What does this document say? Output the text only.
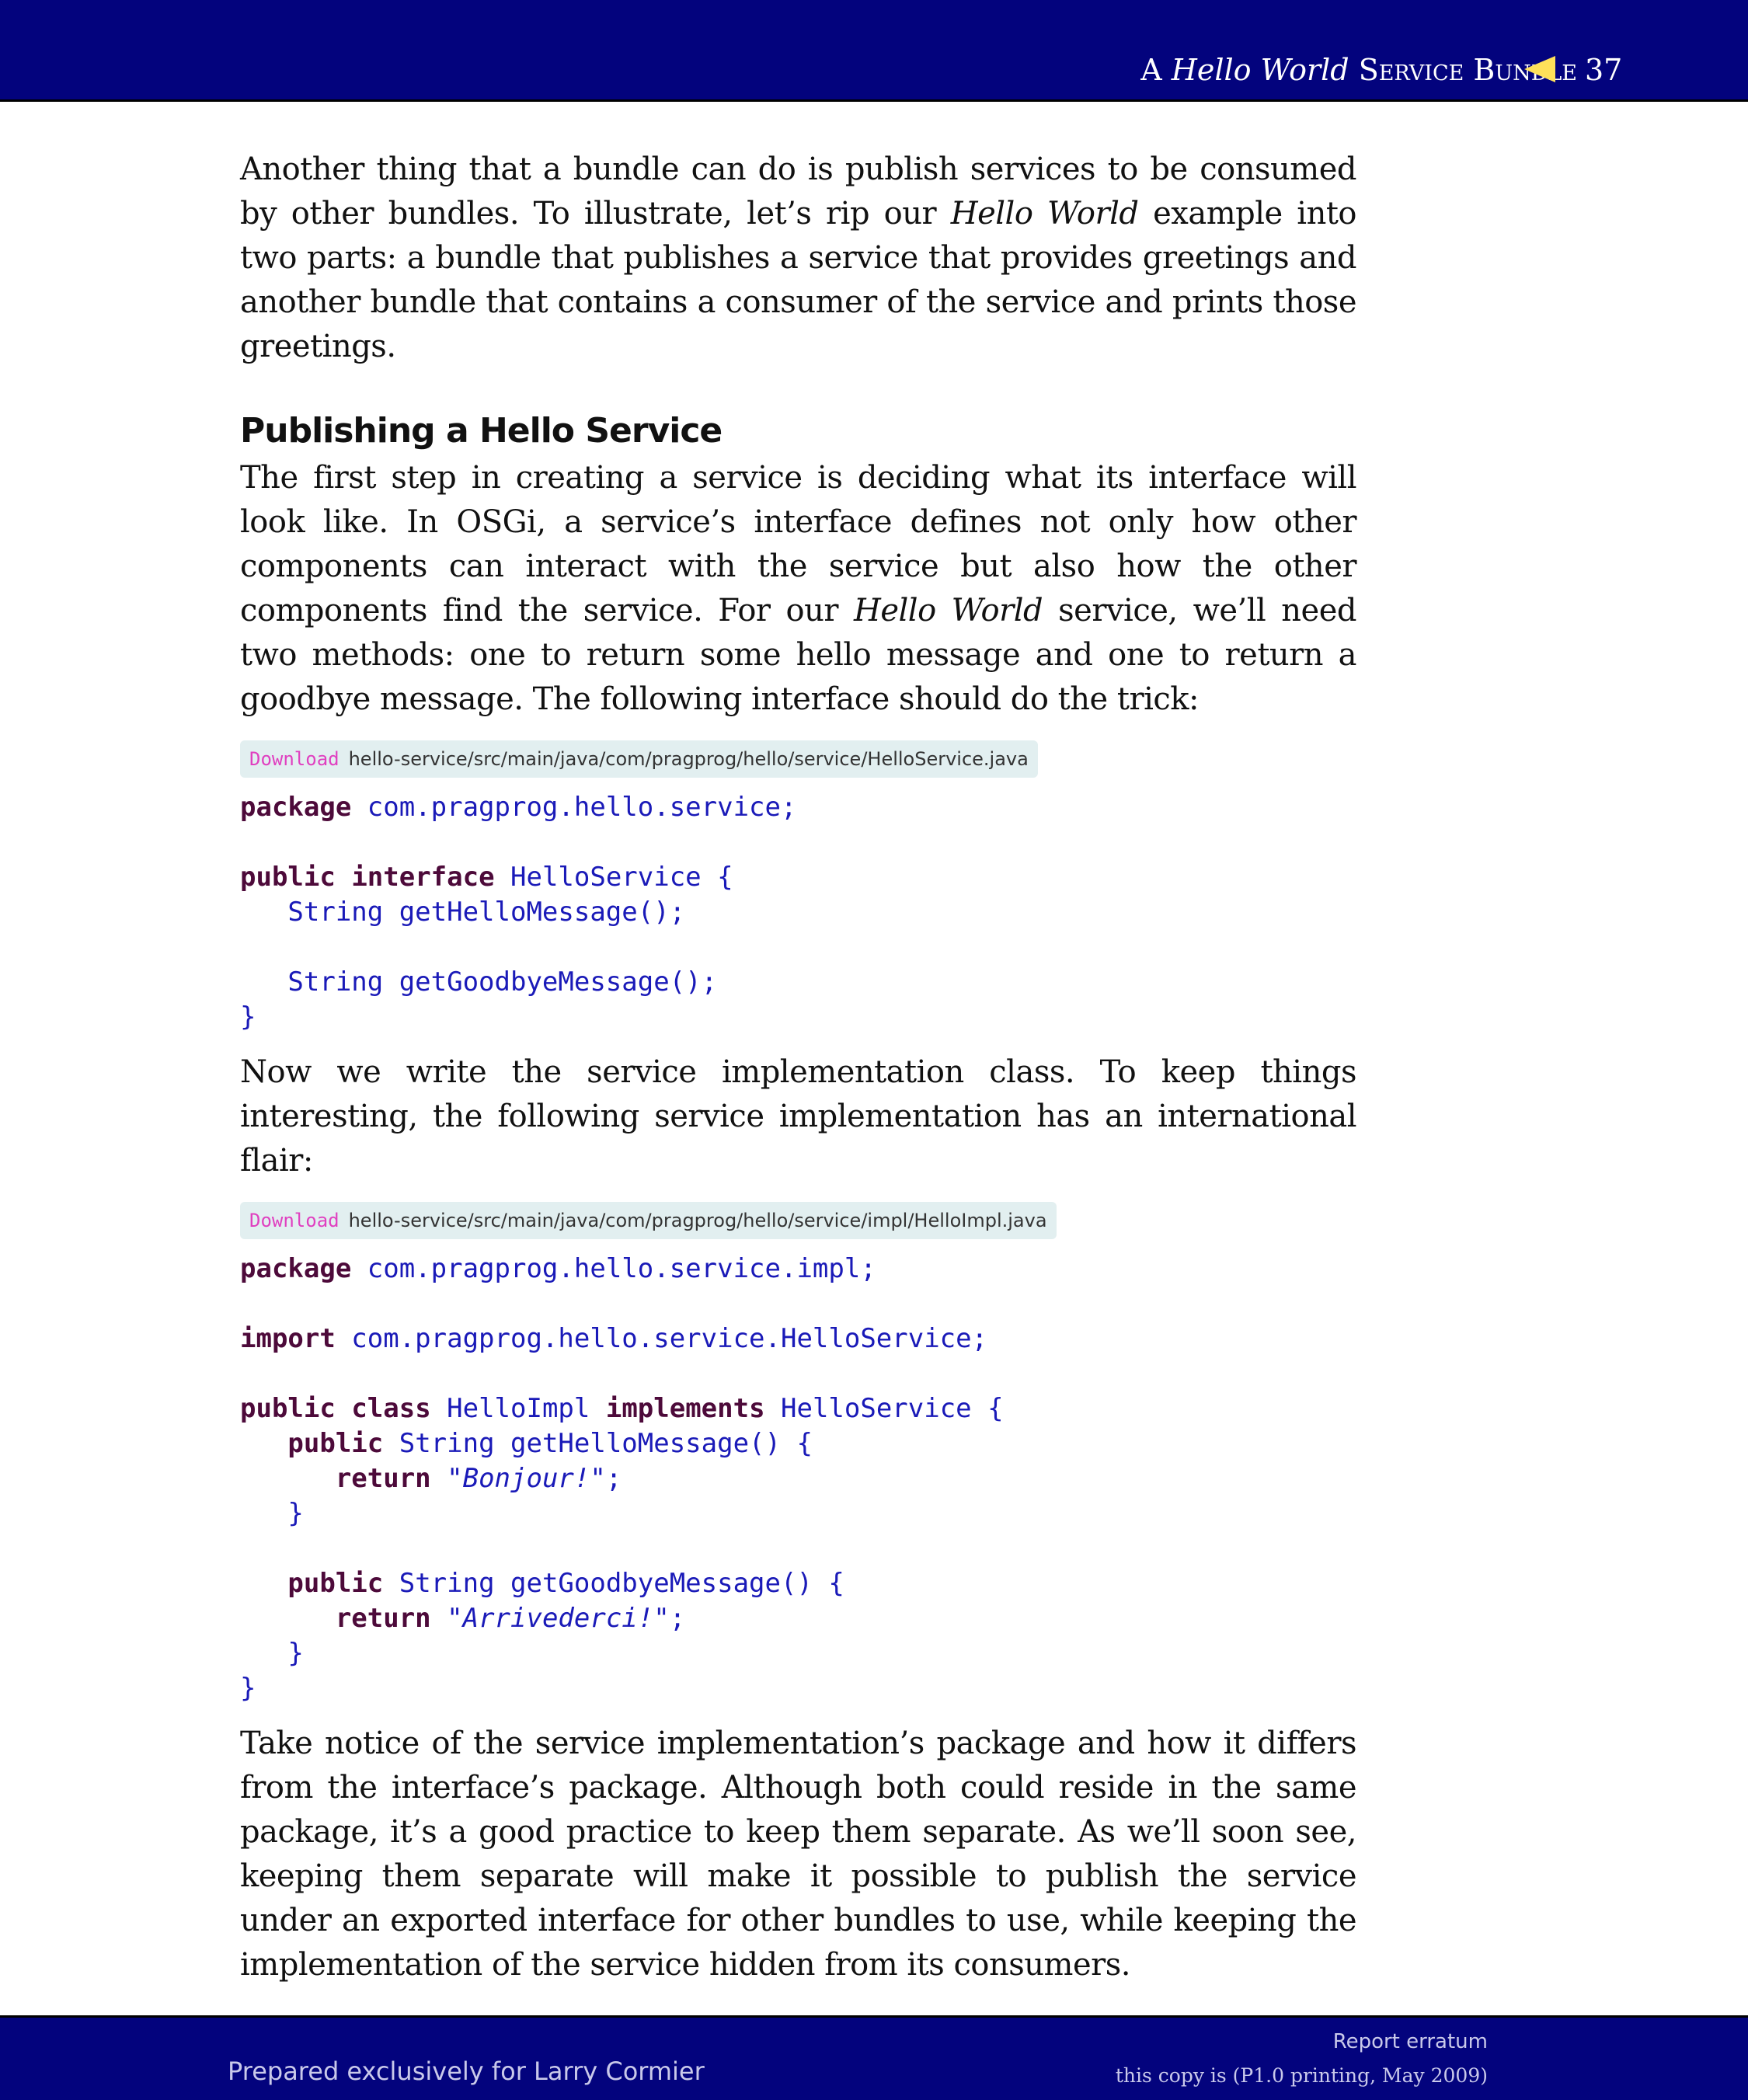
A Hello World Service Bundle 37

Another thing that a bundle can do is publish services to be consumed by other bundles. To illustrate, let’s rip our Hello World example into two parts: a bundle that publishes a service that provides greetings and another bundle that contains a consumer of the service and prints those greetings.

Publishing a Hello Service

The first step in creating a service is deciding what its interface will look like. In OSGi, a service’s interface defines not only how other components can interact with the service but also how the other components find the service. For our Hello World service, we’ll need two methods: one to return some hello message and one to return a goodbye message. The following interface should do the trick:

Download hello-service/src/main/java/com/pragprog/hello/service/HelloService.java
package com.pragprog.hello.service;

public interface HelloService {
String getHelloMessage();

String getGoodbyeMessage();
}

Now we write the service implementation class. To keep things interesting, the following service implementation has an international flair:

Download hello-service/src/main/java/com/pragprog/hello/service/impl/HelloImpl.java
package com.pragprog.hello.service.impl;

import com.pragprog.hello.service.HelloService;

public class HelloImpl implements HelloService {
public String getHelloMessage() {
return "Bonjour!";
}

public String getGoodbyeMessage() {
return "Arrivederci!";
}
}

Take notice of the service implementation’s package and how it differs from the interface’s package. Although both could reside in the same package, it’s a good practice to keep them separate. As we’ll soon see, keeping them separate will make it possible to publish the service under an exported interface for other bundles to use, while keeping the implementation of the service hidden from its consumers.

Prepared exclusively for Larry Cormier
Report erratum
this copy is (P1.0 printing, May 2009)
